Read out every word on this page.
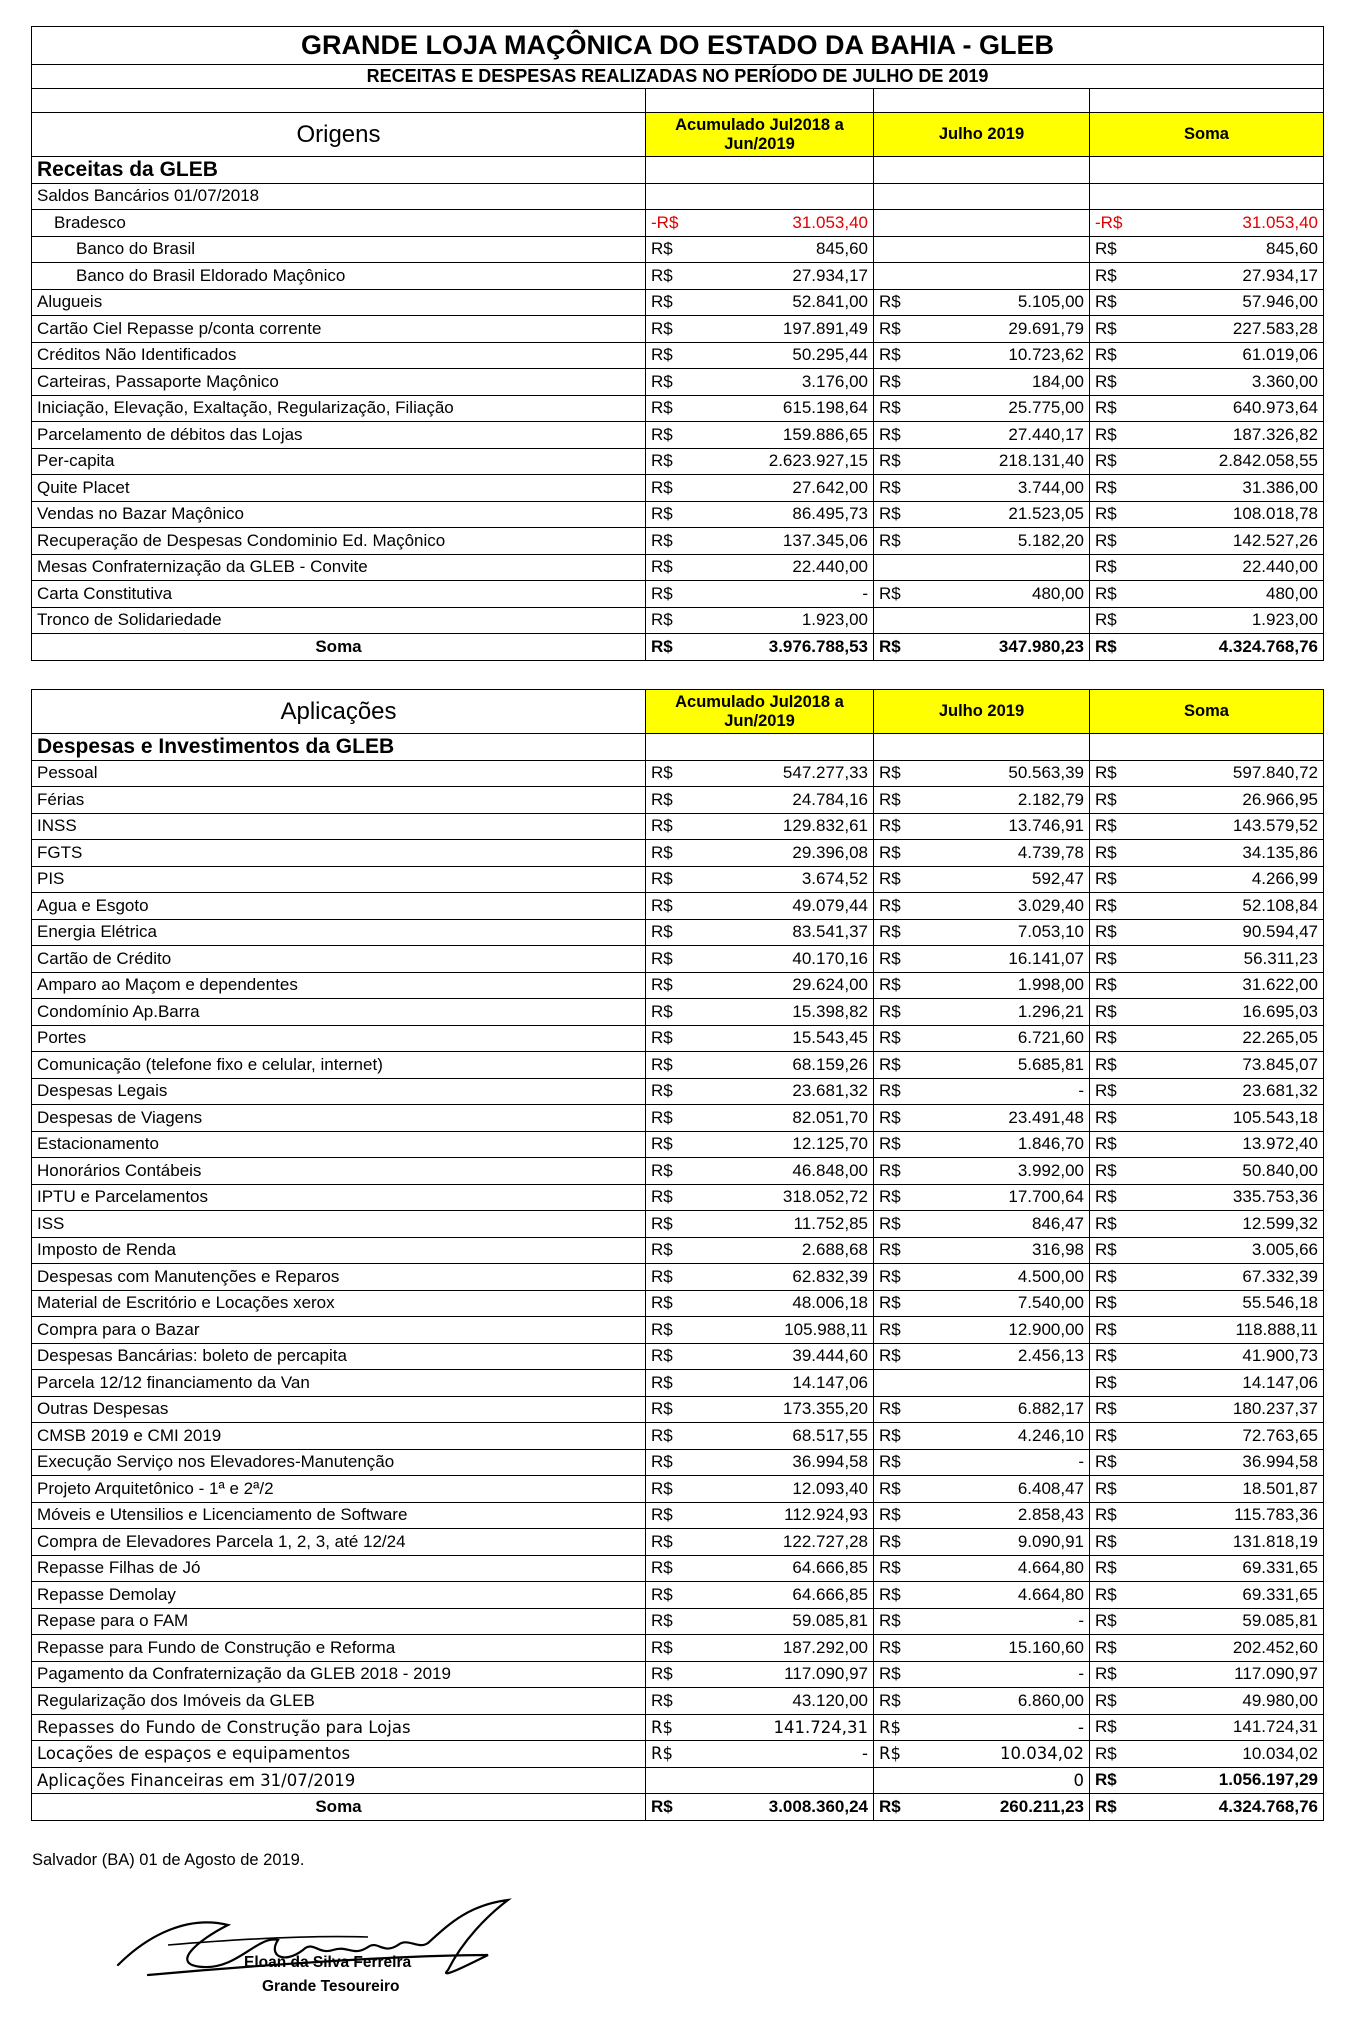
GRANDE LOJA MAÇÔNICA DO ESTADO DA BAHIA - GLEB			
RECEITAS E DESPESAS REALIZADAS NO PERÍODO DE JULHO DE 2019			

Origens	Acumulado Jul2018 a Jun/2019	Julho 2019	Soma
Receitas da GLEB			
Saldos Bancários 01/07/2018			
Bradesco	-R$ 31.053,40		-R$ 31.053,40

Banco do Brasil	R$ 845,60		R$ 845,60

Banco do Brasil Eldorado Maçônico	R$ 27.934,17		R$ 27.934,17

Alugueis	R$ 52.841,00	R$ 5.105,00	R$ 57.946,00

Cartão Ciel Repasse p/conta corrente	R$ 197.891,49	R$ 29.691,79	R$ 227.583,28

Créditos Não Identificados	R$ 50.295,44	R$ 10.723,62	R$ 61.019,06

Carteiras, Passaporte Maçônico	R$ 3.176,00	R$ 184,00	R$ 3.360,00

Iniciação, Elevação, Exaltação, Regularização, Filiação	R$ 615.198,64	R$ 25.775,00	R$ 640.973,64

Parcelamento de débitos das Lojas	R$ 159.886,65	R$ 27.440,17	R$ 187.326,82

Per-capita	R$ 2.623.927,15	R$ 218.131,40	R$ 2.842.058,55

Quite Placet	R$ 27.642,00	R$ 3.744,00	R$ 31.386,00

Vendas no Bazar Maçônico	R$ 86.495,73	R$ 21.523,05	R$ 108.018,78

Recuperação de Despesas Condominio Ed. Maçônico	R$ 137.345,06	R$ 5.182,20	R$ 142.527,26

Mesas Confraternização da GLEB - Convite	R$ 22.440,00		R$ 22.440,00

Carta Constitutiva	R$ -	R$ 480,00	R$ 480,00

Tronco de Solidariedade	R$ 1.923,00		R$ 1.923,00

Soma	R$ 3.976.788,53	R$ 347.980,23	R$ 4.324.768,76
Aplicações	Acumulado Jul2018 a Jun/2019	Julho 2019	Soma
Despesas e Investimentos da GLEB			
Pessoal	R$ 547.277,33	R$ 50.563,39	R$ 597.840,72

Férias	R$ 24.784,16	R$ 2.182,79	R$ 26.966,95

INSS	R$ 129.832,61	R$ 13.746,91	R$ 143.579,52

FGTS	R$ 29.396,08	R$ 4.739,78	R$ 34.135,86

PIS	R$ 3.674,52	R$ 592,47	R$ 4.266,99

Agua e Esgoto	R$ 49.079,44	R$ 3.029,40	R$ 52.108,84

Energia Elétrica	R$ 83.541,37	R$ 7.053,10	R$ 90.594,47

Cartão de Crédito	R$ 40.170,16	R$ 16.141,07	R$ 56.311,23

Amparo ao Maçom e dependentes	R$ 29.624,00	R$ 1.998,00	R$ 31.622,00

Condomínio Ap.Barra	R$ 15.398,82	R$ 1.296,21	R$ 16.695,03

Portes	R$ 15.543,45	R$ 6.721,60	R$ 22.265,05

Comunicação (telefone fixo e celular, internet)	R$ 68.159,26	R$ 5.685,81	R$ 73.845,07

Despesas Legais	R$ 23.681,32	R$ -	R$ 23.681,32

Despesas de Viagens	R$ 82.051,70	R$ 23.491,48	R$ 105.543,18

Estacionamento	R$ 12.125,70	R$ 1.846,70	R$ 13.972,40

Honorários Contábeis	R$ 46.848,00	R$ 3.992,00	R$ 50.840,00

IPTU e Parcelamentos	R$ 318.052,72	R$ 17.700,64	R$ 335.753,36

ISS	R$ 11.752,85	R$ 846,47	R$ 12.599,32

Imposto de Renda	R$ 2.688,68	R$ 316,98	R$ 3.005,66

Despesas com Manutenções e Reparos	R$ 62.832,39	R$ 4.500,00	R$ 67.332,39

Material de Escritório e Locações xerox	R$ 48.006,18	R$ 7.540,00	R$ 55.546,18

Compra para o Bazar	R$ 105.988,11	R$ 12.900,00	R$ 118.888,11

Despesas Bancárias: boleto de percapita	R$ 39.444,60	R$ 2.456,13	R$ 41.900,73

Parcela 12/12 financiamento da Van	R$ 14.147,06		R$ 14.147,06

Outras Despesas	R$ 173.355,20	R$ 6.882,17	R$ 180.237,37

CMSB 2019 e CMI 2019	R$ 68.517,55	R$ 4.246,10	R$ 72.763,65

Execução Serviço nos Elevadores-Manutenção	R$ 36.994,58	R$ -	R$ 36.994,58

Projeto Arquitetônico - 1ª e 2ª/2	R$ 12.093,40	R$ 6.408,47	R$ 18.501,87

Móveis e Utensilios e Licenciamento de Software	R$ 112.924,93	R$ 2.858,43	R$ 115.783,36

Compra de Elevadores Parcela 1, 2, 3, até 12/24	R$ 122.727,28	R$ 9.090,91	R$ 131.818,19

Repasse Filhas de Jó	R$ 64.666,85	R$ 4.664,80	R$ 69.331,65

Repasse Demolay	R$ 64.666,85	R$ 4.664,80	R$ 69.331,65

Repase para o FAM	R$ 59.085,81	R$ -	R$ 59.085,81

Repasse para Fundo de Construção e Reforma	R$ 187.292,00	R$ 15.160,60	R$ 202.452,60

Pagamento da Confraternização da GLEB 2018 - 2019	R$ 117.090,97	R$ -	R$ 117.090,97

Regularização dos Imóveis da GLEB	R$ 43.120,00	R$ 6.860,00	R$ 49.980,00

Repasses do Fundo de Construção para Lojas	R$ 141.724,31	R$ -	R$ 141.724,31

Locações de espaços e equipamentos	R$ -	R$ 10.034,02	R$ 10.034,02

Aplicações Financeiras em 31/07/2019		0	R$ 1.056.197,29

Soma	R$ 3.008.360,24	R$ 260.211,23	R$ 4.324.768,76
Salvador (BA) 01 de Agosto de 2019.
Eloan da Silva Ferreira
Grande Tesoureiro
